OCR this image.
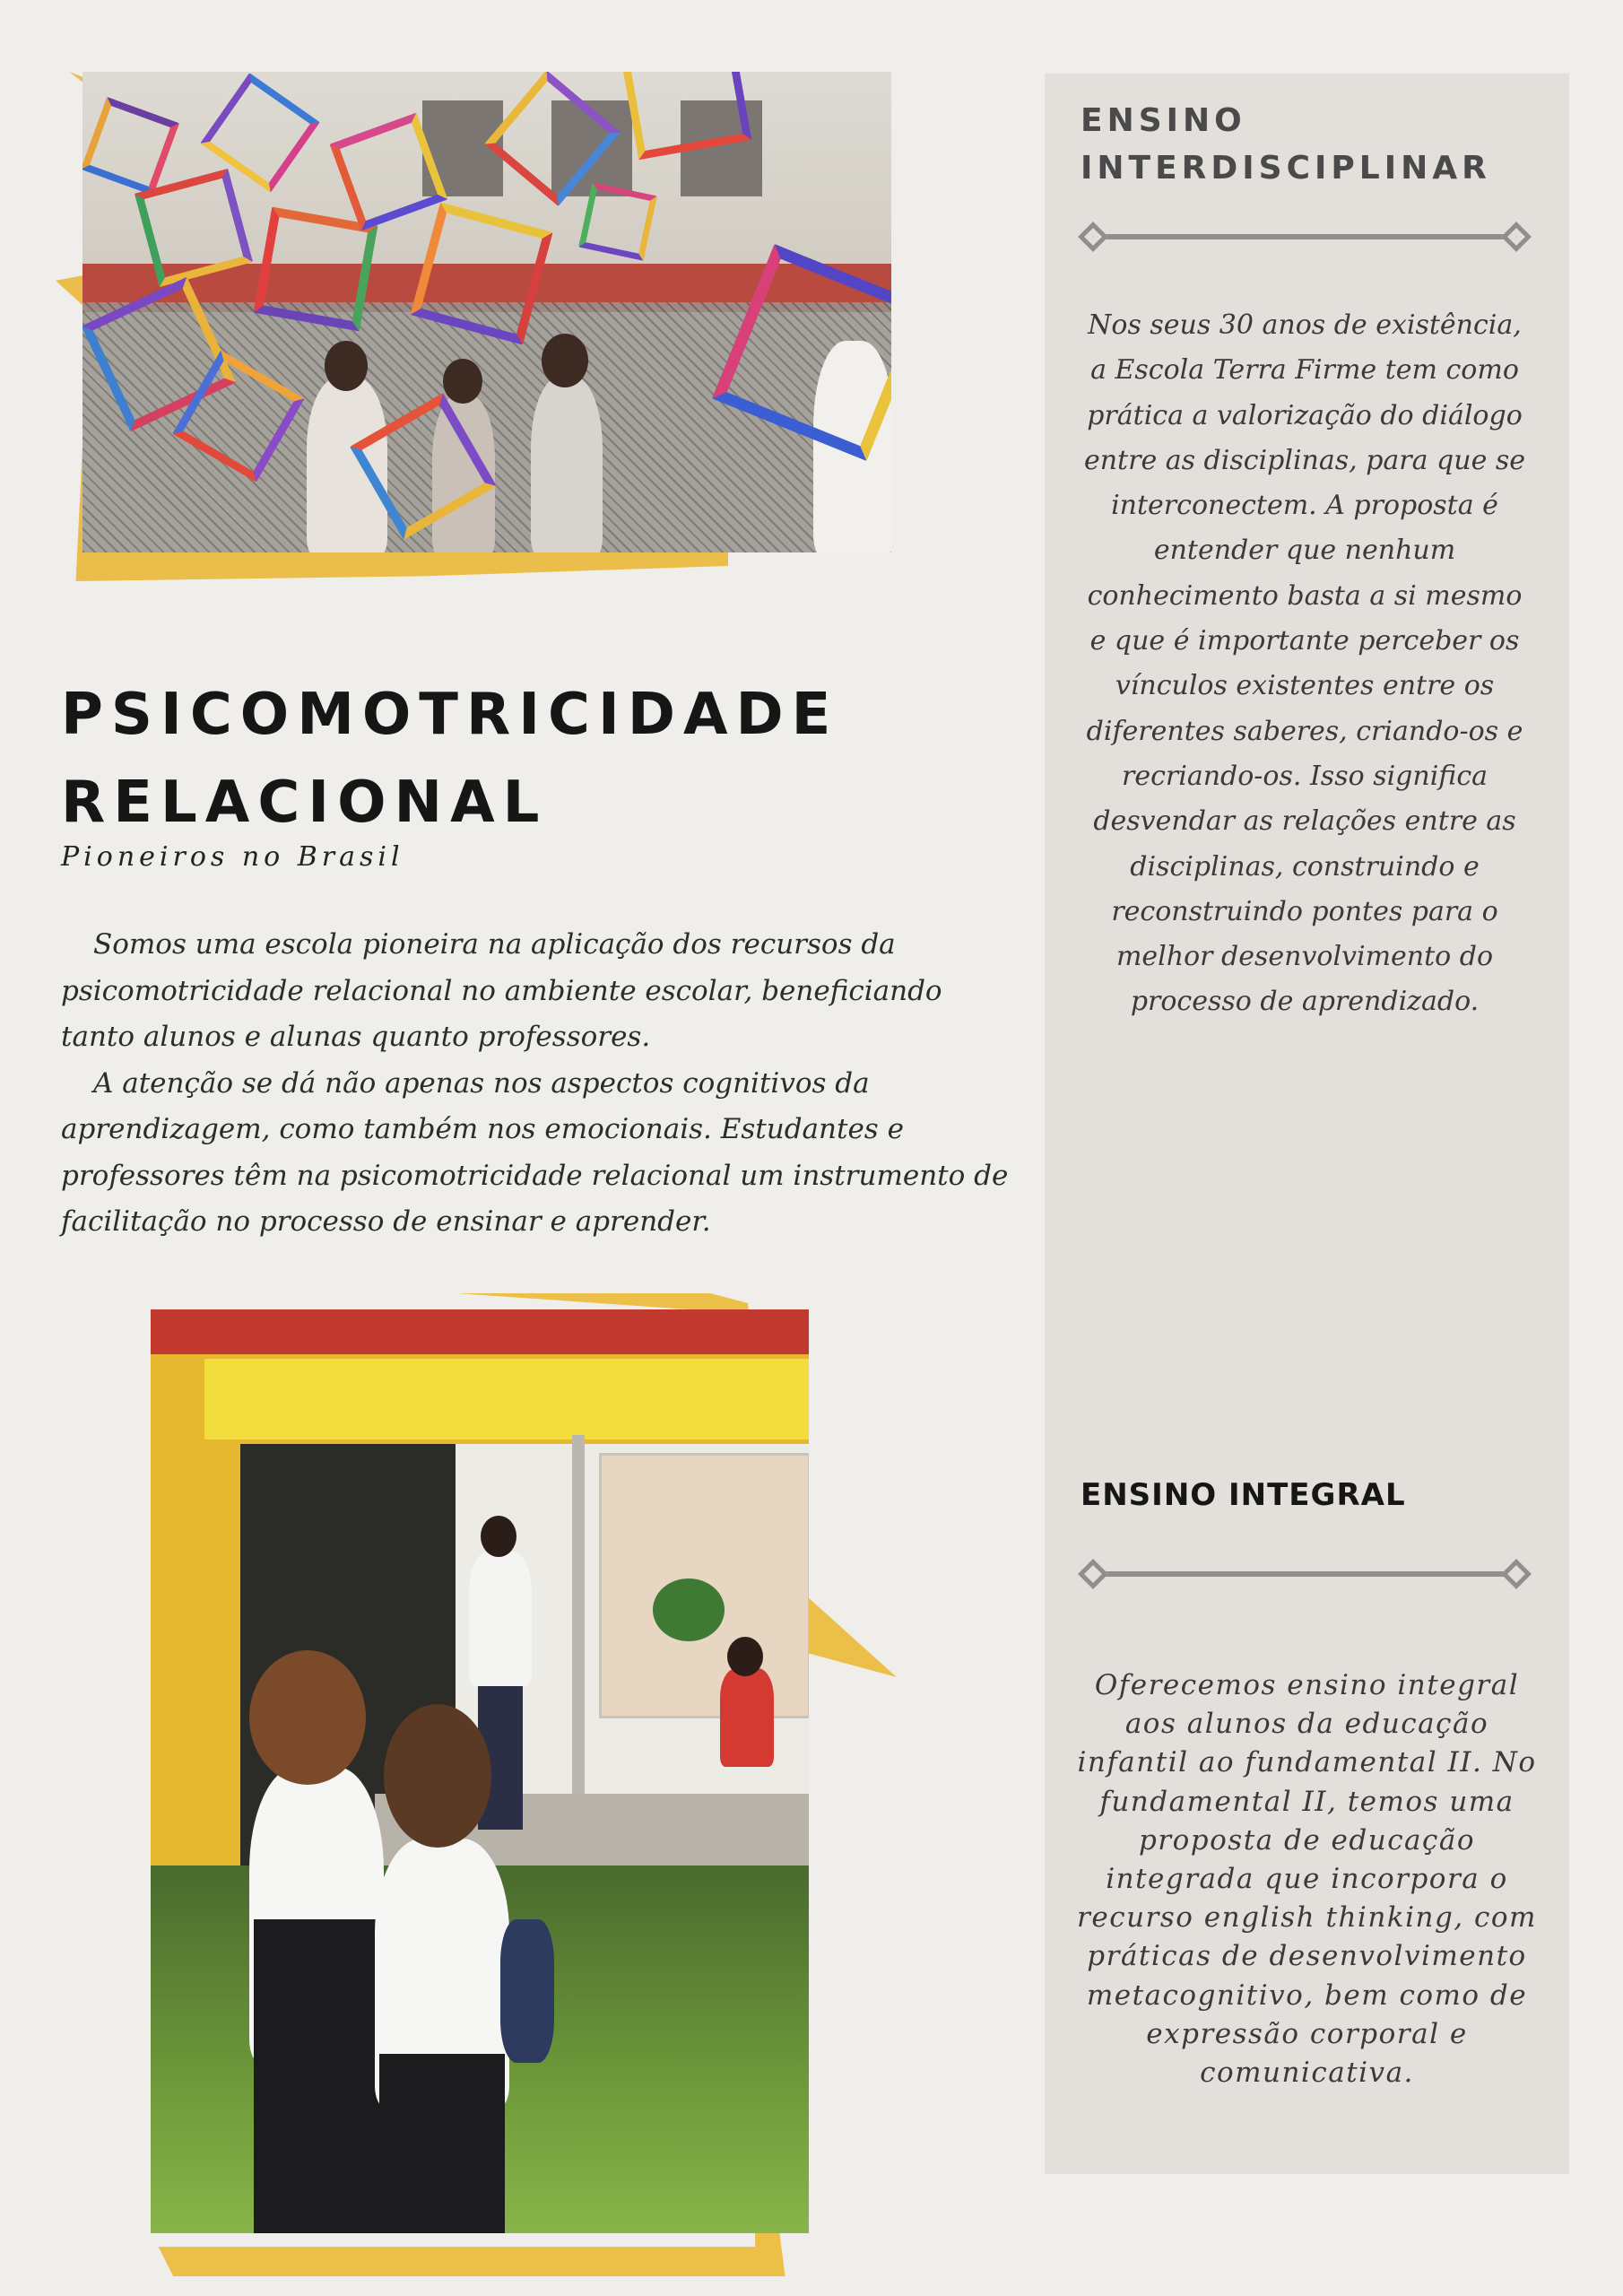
PSICOMOTRICIDADE
RELACIONAL

Pioneiros no Brasil

Somos uma escola pioneira na aplicação dos recursos da psicomotricidade relacional no ambiente escolar, beneficiando tanto alunos e alunas quanto professores.

A atenção se dá não apenas nos aspectos cognitivos da aprendizagem, como também nos emocionais. Estudantes e professores têm na psicomotricidade relacional um instrumento de facilitação no processo de ensinar e aprender.

ENSINO
INTERDISCIPLINAR

Nos seus 30 anos de existência, a Escola Terra Firme tem como prática a valorização do diálogo entre as disciplinas, para que se interconectem. A proposta é entender que nenhum conhecimento basta a si mesmo e que é importante perceber os vínculos existentes entre os diferentes saberes, criando-os e recriando-os. Isso significa desvendar as relações entre as disciplinas, construindo e reconstruindo pontes para o melhor desenvolvimento do processo de aprendizado.

ENSINO INTEGRAL

Oferecemos ensino integral aos alunos da educação infantil ao fundamental II. No fundamental II, temos uma proposta de educação integrada que incorpora o recurso english thinking, com práticas de desenvolvimento metacognitivo, bem como de expressão corporal e comunicativa.
